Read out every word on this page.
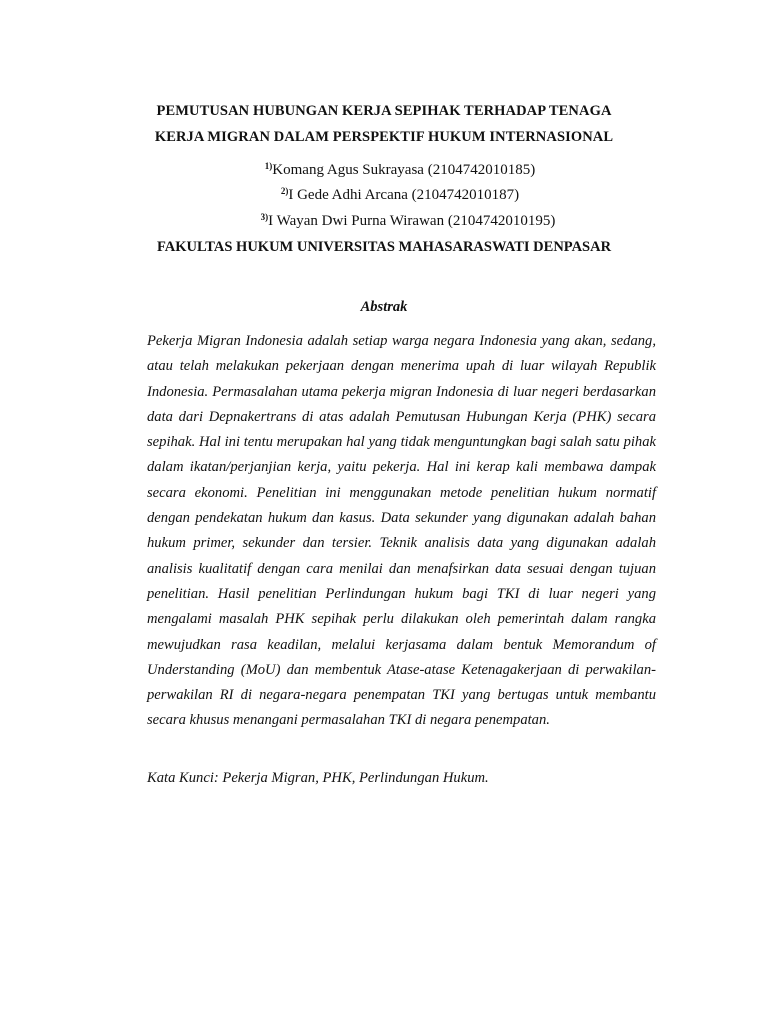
PEMUTUSAN HUBUNGAN KERJA SEPIHAK TERHADAP TENAGA
KERJA MIGRAN DALAM PERSPEKTIF HUKUM INTERNASIONAL
$^{1)}$Komang Agus Sukrayasa (2104742010185)
$^{2)}$I Gede Adhi Arcana (2104742010187)
$^{3)}$I Wayan Dwi Purna Wirawan (2104742010195)
FAKULTAS HUKUM UNIVERSITAS MAHASARASWATI DENPASAR
Abstrak

Pekerja Migran Indonesia adalah setiap warga negara Indonesia yang akan, sedang, atau telah melakukan pekerjaan dengan menerima upah di luar wilayah Republik Indonesia. Permasalahan utama pekerja migran Indonesia di luar negeri berdasarkan data dari Depnakertrans di atas adalah Pemutusan Hubungan Kerja (PHK) secara sepihak. Hal ini tentu merupakan hal yang tidak menguntungkan bagi salah satu pihak dalam ikatan/perjanjian kerja, yaitu pekerja. Hal ini kerap kali membawa dampak secara ekonomi. Penelitian ini menggunakan metode penelitian hukum normatif dengan pendekatan hukum dan kasus. Data sekunder yang digunakan adalah bahan hukum primer, sekunder dan tersier. Teknik analisis data yang digunakan adalah analisis kualitatif dengan cara menilai dan menafsirkan data sesuai dengan tujuan penelitian. Hasil penelitian Perlindungan hukum bagi TKI di luar negeri yang mengalami masalah PHK sepihak perlu dilakukan oleh pemerintah dalam rangka mewujudkan rasa keadilan, melalui kerjasama dalam bentuk Memorandum of Understanding (MoU) dan membentuk Atase-atase Ketenagakerjaan di perwakilan-perwakilan RI di negara-negara penempatan TKI yang bertugas untuk membantu secara khusus menangani permasalahan TKI di negara penempatan.

Kata Kunci: Pekerja Migran, PHK, Perlindungan Hukum.
